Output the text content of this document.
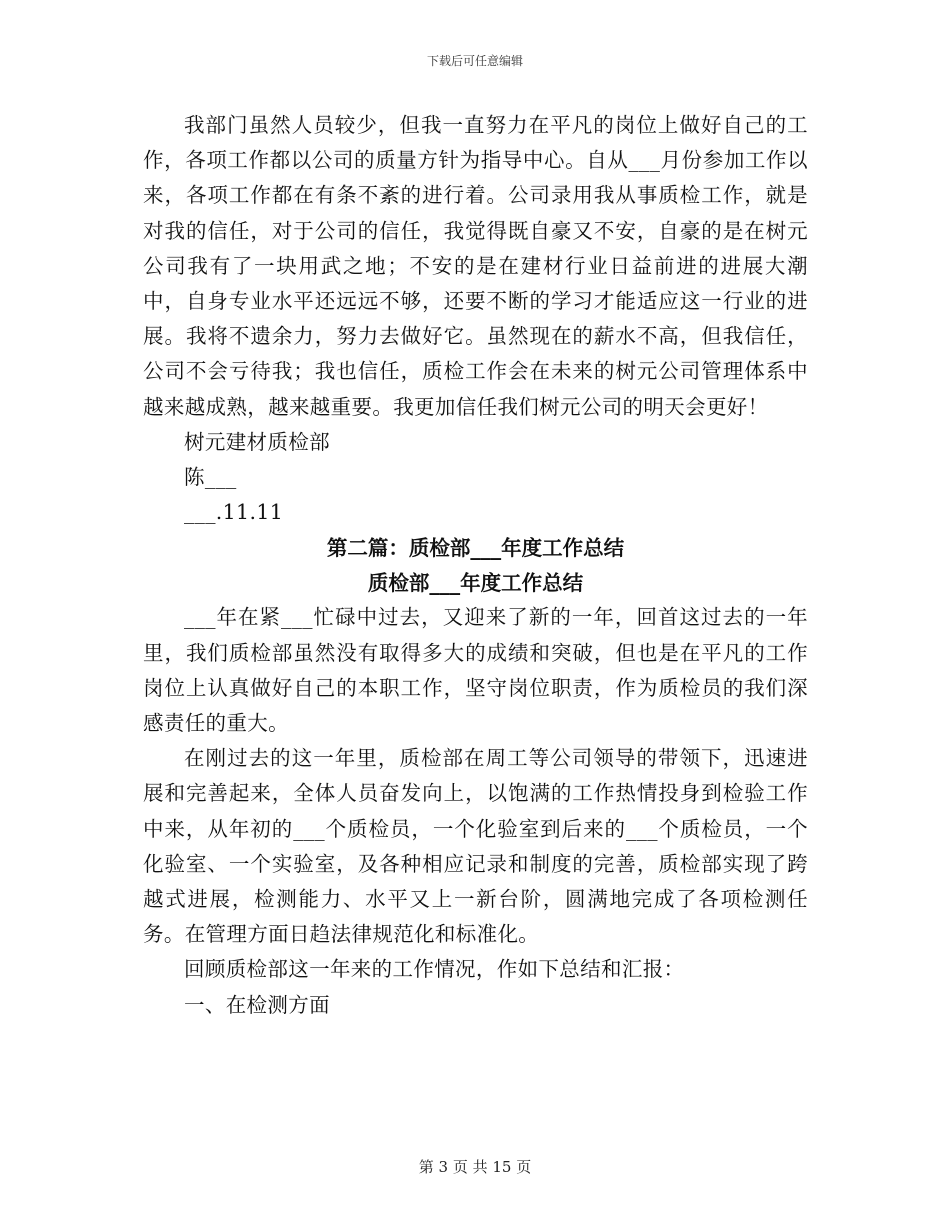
下载后可任意编辑

我部门虽然人员较少，但我一直努力在平凡的岗位上做好自己的工作，各项工作都以公司的质量方针为指导中心。自从___月份参加工作以来，各项工作都在有条不紊的进行着。公司录用我从事质检工作，就是对我的信任，对于公司的信任，我觉得既自豪又不安，自豪的是在树元公司我有了一块用武之地；不安的是在建材行业日益前进的进展大潮中，自身专业水平还远远不够，还要不断的学习才能适应这一行业的进展。我将不遗余力，努力去做好它。虽然现在的薪水不高，但我信任，公司不会亏待我；我也信任，质检工作会在未来的树元公司管理体系中越来越成熟，越来越重要。我更加信任我们树元公司的明天会更好！

树元建材质检部

陈___

___.11.11

第二篇：质检部___年度工作总结
质检部___年度工作总结

___年在紧___忙碌中过去，又迎来了新的一年，回首这过去的一年里，我们质检部虽然没有取得多大的成绩和突破，但也是在平凡的工作岗位上认真做好自己的本职工作，坚守岗位职责，作为质检员的我们深感责任的重大。

在刚过去的这一年里，质检部在周工等公司领导的带领下，迅速进展和完善起来，全体人员奋发向上，以饱满的工作热情投身到检验工作中来，从年初的___个质检员，一个化验室到后来的___个质检员，一个化验室、一个实验室，及各种相应记录和制度的完善，质检部实现了跨越式进展，检测能力、水平又上一新台阶，圆满地完成了各项检测任务。在管理方面日趋法律规范化和标准化。

回顾质检部这一年来的工作情况，作如下总结和汇报：

一、在检测方面

第 3 页 共 15 页
